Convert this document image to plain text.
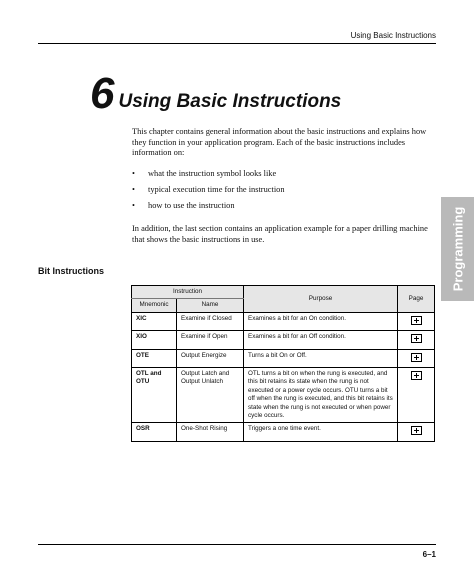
Using Basic Instructions
6 Using Basic Instructions
This chapter contains general information about the basic instructions and explains how they function in your application program. Each of the basic instructions includes information on:
• what the instruction symbol looks like
• typical execution time for the instruction
• how to use the instruction
In addition, the last section contains an application example for a paper drilling machine that shows the basic instructions in use.	Programming
Bit Instructions
Instruction		Purpose	Page
Mnemonic	Name		
XIC	Examine if Closed	Examines a bit for an On condition.	
XIO	Examine if Open	Examines a bit for an Off condition.	
OTE	Output Energize	Turns a bit On or Off.	
OTL and OTU	Output Latch and Output Unlatch	OTL turns a bit on when the rung is executed, and this bit retains its state when the rung is not executed or a power cycle occurs. OTU turns a bit off when the rung is executed, and this bit retains its state when the rung is not executed or when power cycle occurs.	
OSR	One-Shot Rising	Triggers a one time event.	
6–1
